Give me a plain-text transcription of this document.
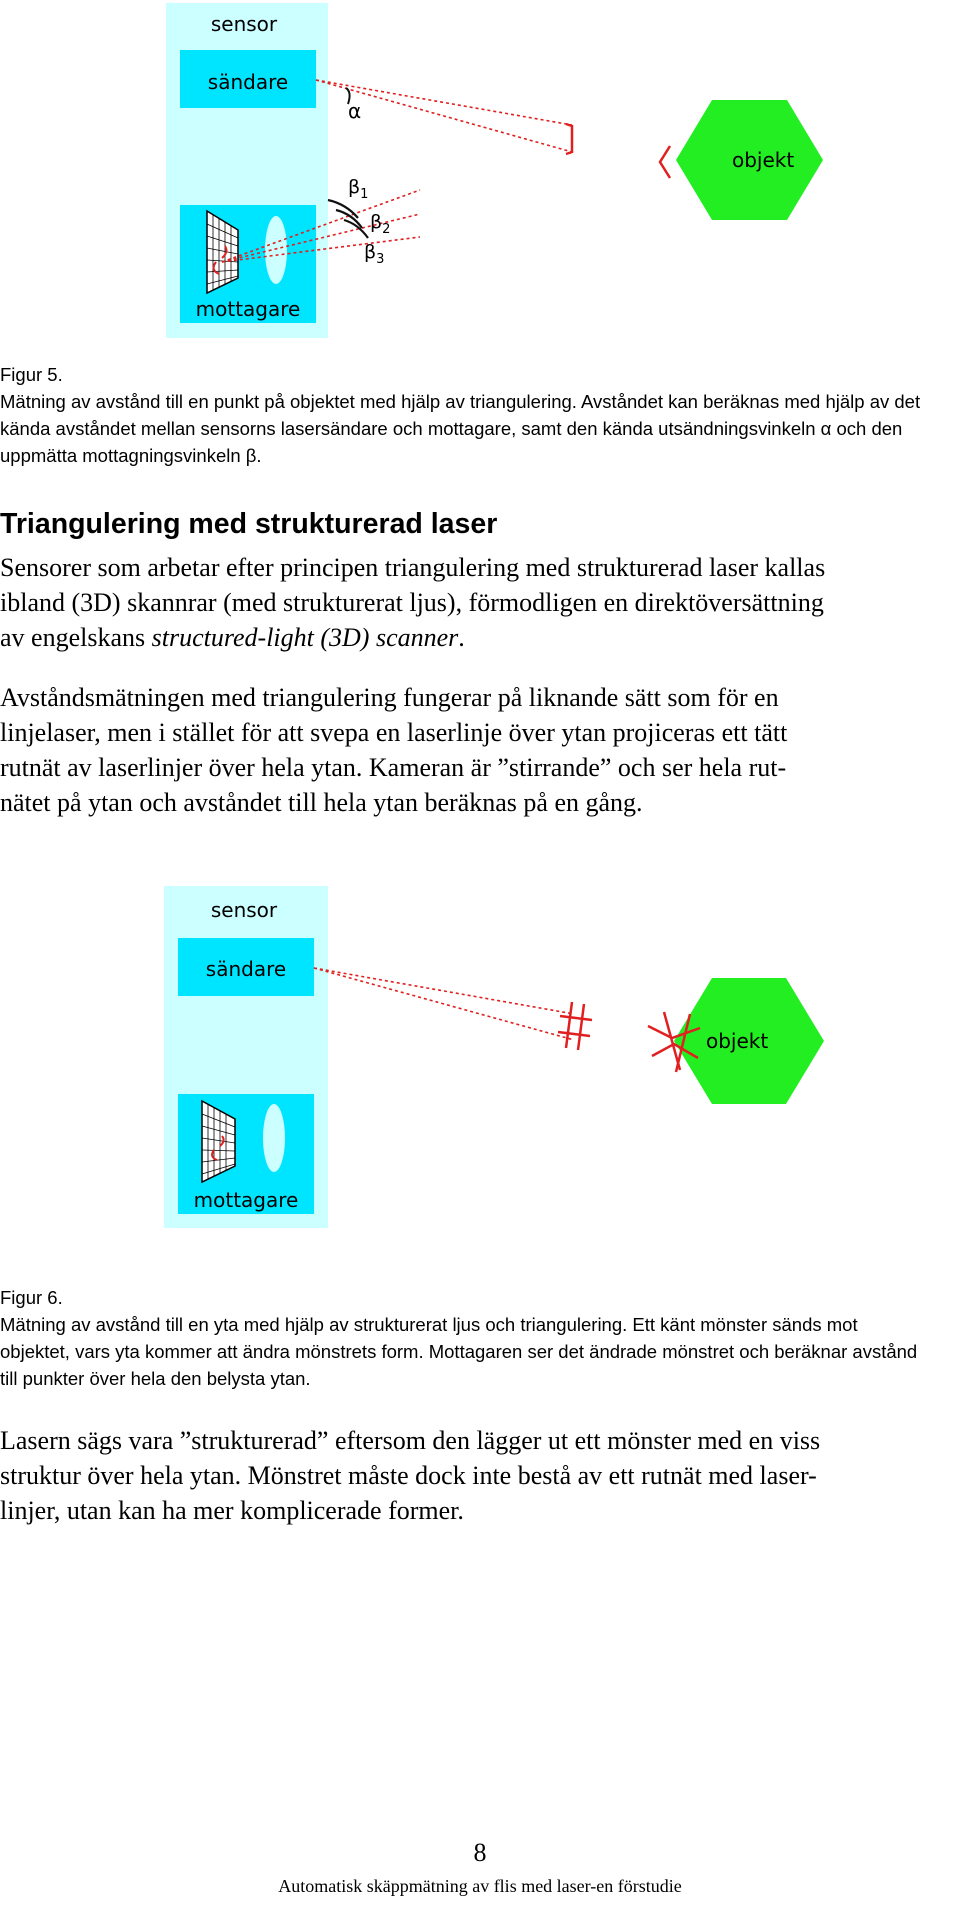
sensor
sändare
mottagare
α
$\beta_1$
$\beta_2$
$\beta_3$
objekt
Figur 5.
Mätning av avstånd till en punkt på objektet med hjälp av triangulering. Avståndet kan beräknas med hjälp av det
kända avståndet mellan sensorns lasersändare och mottagare, samt den kända utsändningsvinkeln α och den
uppmätta mottagningsvinkeln β.
Triangulering med strukturerad laser
Sensorer som arbetar efter principen triangulering med strukturerad laser kallas
ibland (3D) skannrar (med strukturerat ljus), förmodligen en direktöversättning
av engelskans structured-light (3D) scanner.
Avståndsmätningen med triangulering fungerar på liknande sätt som för en
linjelaser, men i stället för att svepa en laserlinje över ytan projiceras ett tätt
rutnät av laserlinjer över hela ytan. Kameran är ”stirrande” och ser hela rut-
nätet på ytan och avståndet till hela ytan beräknas på en gång.
sensor
sändare
mottagare
objekt
Figur 6.
Mätning av avstånd till en yta med hjälp av strukturerat ljus och triangulering. Ett känt mönster sänds mot
objektet, vars yta kommer att ändra mönstrets form. Mottagaren ser det ändrade mönstret och beräknar avstånd
till punkter över hela den belysta ytan.
Lasern sägs vara ”strukturerad” eftersom den lägger ut ett mönster med en viss
struktur över hela ytan. Mönstret måste dock inte bestå av ett rutnät med laser-
linjer, utan kan ha mer komplicerade former.
8
Automatisk skäppmätning av flis med laser-en förstudie
